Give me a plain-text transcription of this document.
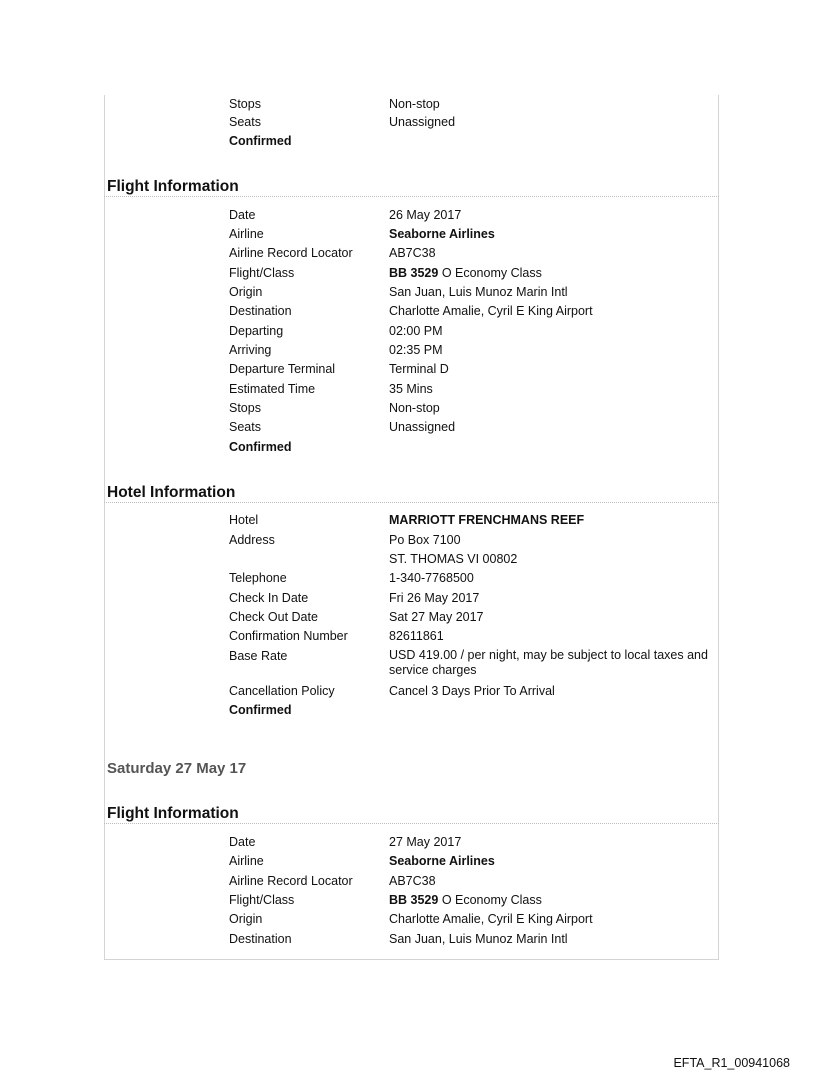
Stops	Non-stop
Seats	Unassigned
Confirmed
Flight Information
Date	26 May 2017
Airline	Seaborne Airlines
Airline Record Locator	AB7C38
Flight/Class	BB 3529 O Economy Class
Origin	San Juan, Luis Munoz Marin Intl
Destination	Charlotte Amalie, Cyril E King Airport
Departing	02:00 PM
Arriving	02:35 PM
Departure Terminal	Terminal D
Estimated Time	35 Mins
Stops	Non-stop
Seats	Unassigned
Confirmed
Hotel Information
Hotel	MARRIOTT FRENCHMANS REEF
Address	Po Box 7100
ST. THOMAS VI 00802
Telephone	1-340-7768500
Check In Date	Fri 26 May 2017
Check Out Date	Sat 27 May 2017
Confirmation Number	82611861
Base Rate	USD 419.00 / per night, may be subject to local taxes and service charges
Cancellation Policy	Cancel 3 Days Prior To Arrival
Confirmed
Saturday 27 May 17
Flight Information
Date	27 May 2017
Airline	Seaborne Airlines
Airline Record Locator	AB7C38
Flight/Class	BB 3529 O Economy Class
Origin	Charlotte Amalie, Cyril E King Airport
Destination	San Juan, Luis Munoz Marin Intl
EFTA_R1_00941068
